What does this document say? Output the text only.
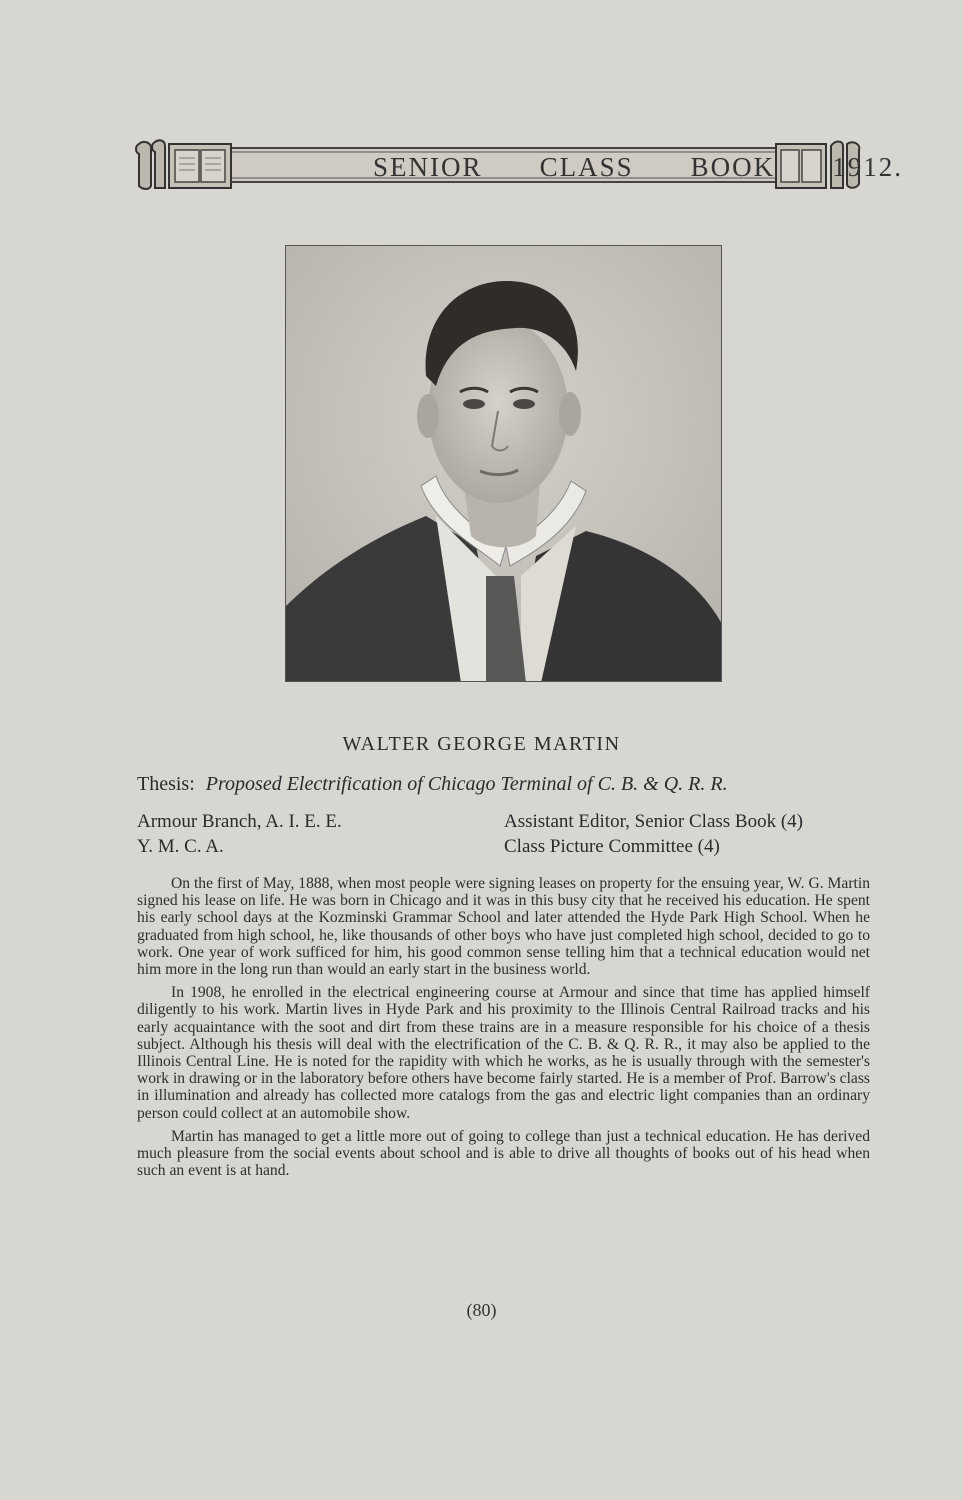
SENIOR CLASS BOOK 1912.
WALTER GEORGE MARTIN
Thesis: Proposed Electrification of Chicago Terminal of C. B. & Q. R. R.
Armour Branch, A. I. E. E.
Y. M. C. A.
Assistant Editor, Senior Class Book (4)
Class Picture Committee (4)

On the first of May, 1888, when most people were signing leases on property for the ensuing year, W. G. Martin signed his lease on life. He was born in Chicago and it was in this busy city that he received his education. He spent his early school days at the Kozminski Grammar School and later attended the Hyde Park High School. When he graduated from high school, he, like thousands of other boys who have just completed high school, decided to go to work. One year of work sufficed for him, his good common sense telling him that a technical education would net him more in the long run than would an early start in the business world.

In 1908, he enrolled in the electrical engineering course at Armour and since that time has applied himself diligently to his work. Martin lives in Hyde Park and his proximity to the Illinois Central Railroad tracks and his early acquaintance with the soot and dirt from these trains are in a measure responsible for his choice of a thesis subject. Although his thesis will deal with the electrification of the C. B. & Q. R. R., it may also be applied to the Illinois Central Line. He is noted for the rapidity with which he works, as he is usually through with the semester's work in drawing or in the laboratory before others have become fairly started. He is a member of Prof. Barrow's class in illumination and already has collected more catalogs from the gas and electric light companies than an ordinary person could collect at an automobile show.

Martin has managed to get a little more out of going to college than just a technical education. He has derived much pleasure from the social events about school and is able to drive all thoughts of books out of his head when such an event is at hand.

(80)
